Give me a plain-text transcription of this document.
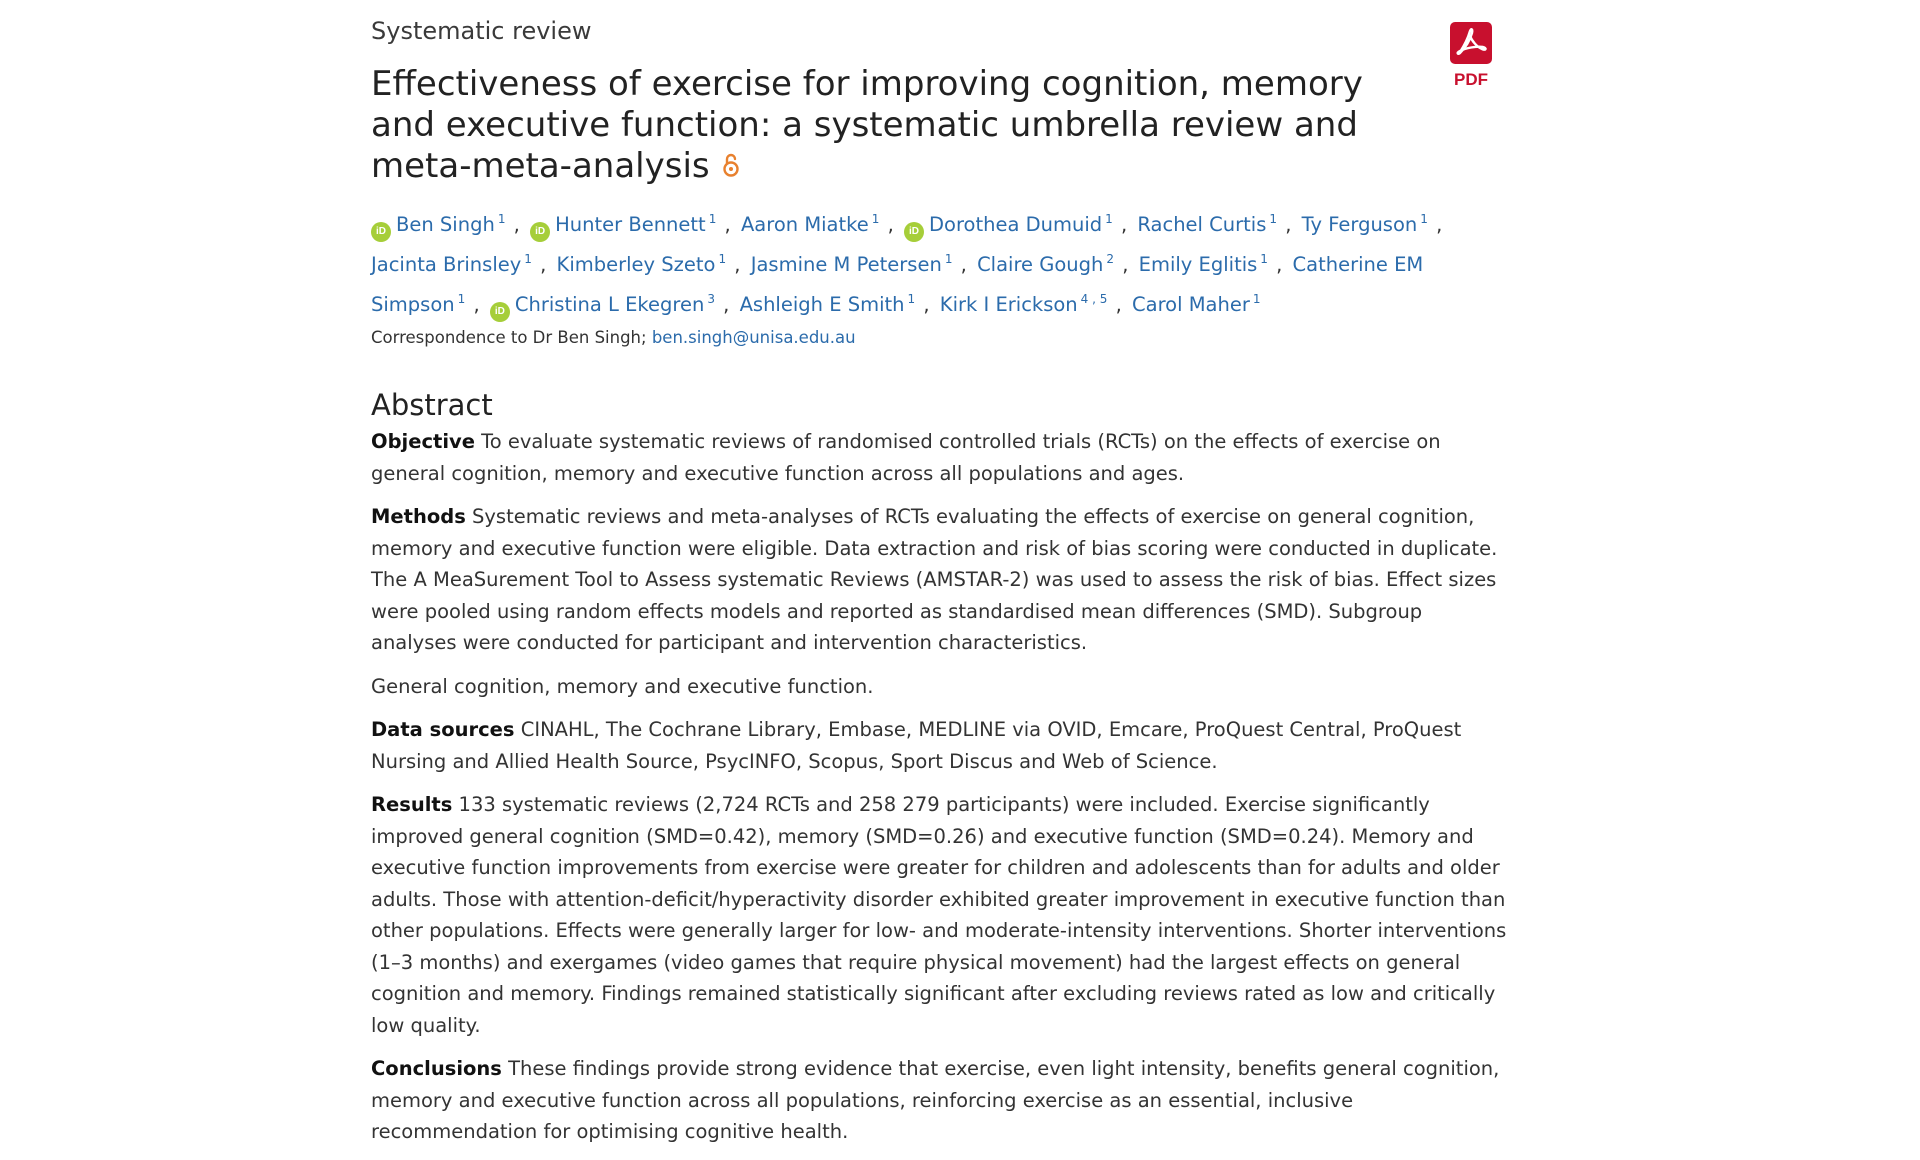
PDF
Systematic review
Effectiveness of exercise for improving cognition, memory and executive function: a systematic umbrella review and meta-meta-analysis
iD Ben Singh $^1$ , iD Hunter Bennett $^1$ , Aaron Miatke $^1$ , iD Dorothea Dumuid $^1$ , Rachel Curtis $^1$ , Ty Ferguson $^1$ , Jacinta Brinsley $^1$ , Kimberley Szeto $^1$ , Jasmine M Petersen $^1$ , Claire Gough $^2$ , Emily Eglitis $^1$ , Catherine EM Simpson $^1$ , iD Christina L Ekegren $^3$ , Ashleigh E Smith $^1$ , Kirk I Erickson $^{4 , 5}$ , Carol Maher $^1$
Correspondence to Dr Ben Singh; ben.singh@unisa.edu.au
Abstract

Objective To evaluate systematic reviews of randomised controlled trials (RCTs) on the effects of exercise on general cognition, memory and executive function across all populations and ages.

Methods Systematic reviews and meta-analyses of RCTs evaluating the effects of exercise on general cognition, memory and executive function were eligible. Data extraction and risk of bias scoring were conducted in duplicate. The A MeaSurement Tool to Assess systematic Reviews (AMSTAR-2) was used to assess the risk of bias. Effect sizes were pooled using random effects models and reported as standardised mean differences (SMD). Subgroup analyses were conducted for participant and intervention characteristics.

General cognition, memory and executive function.

Data sources CINAHL, The Cochrane Library, Embase, MEDLINE via OVID, Emcare, ProQuest Central, ProQuest Nursing and Allied Health Source, PsycINFO, Scopus, Sport Discus and Web of Science.

Results 133 systematic reviews (2,724 RCTs and 258 279 participants) were included. Exercise significantly improved general cognition (SMD=0.42), memory (SMD=0.26) and executive function (SMD=0.24). Memory and executive function improvements from exercise were greater for children and adolescents than for adults and older adults. Those with attention-deficit/hyperactivity disorder exhibited greater improvement in executive function than other populations. Effects were generally larger for low- and moderate-intensity interventions. Shorter interventions (1–3 months) and exergames (video games that require physical movement) had the largest effects on general cognition and memory. Findings remained statistically significant after excluding reviews rated as low and critically low quality.

Conclusions These findings provide strong evidence that exercise, even light intensity, benefits general cognition, memory and executive function across all populations, reinforcing exercise as an essential, inclusive recommendation for optimising cognitive health.
